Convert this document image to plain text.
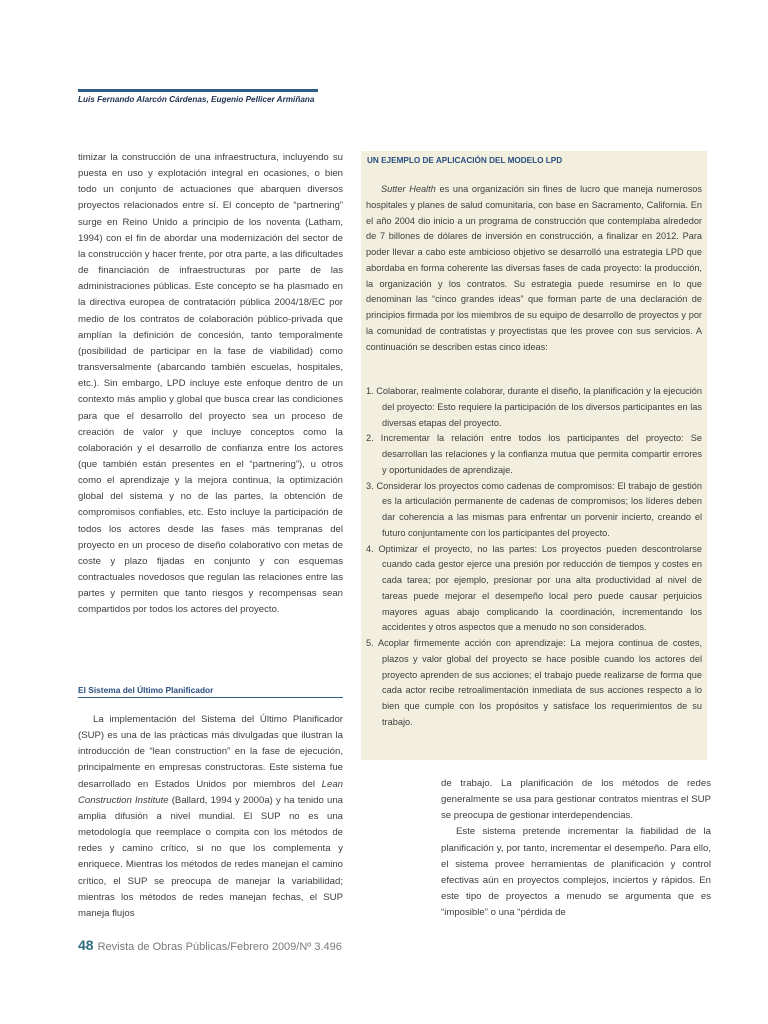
Luis Fernando Alarcón Cárdenas, Eugenio Pellicer Armiñana

timizar la construcción de una infraestructura, incluyendo su puesta en uso y explotación integral en ocasiones, o bien todo un conjunto de actuaciones que abarquen diversos proyectos relacionados entre sí. El concepto de “partnering” surge en Reino Unido a principio de los noventa (Latham, 1994) con el fin de abordar una modernización del sector de la construcción y hacer frente, por otra parte, a las dificultades de financiación de infraestructuras por parte de las administraciones públicas. Este concepto se ha plasmado en la directiva europea de contratación pública 2004/18/EC por medio de los contratos de colaboración público-privada que amplían la definición de concesión, tanto temporalmente (posibilidad de participar en la fase de viabilidad) como transversalmente (abarcando también escuelas, hospitales, etc.). Sin embargo, LPD incluye este enfoque dentro de un contexto más amplio y global que busca crear las condiciones para que el desarrollo del proyecto sea un proceso de creación de valor y que incluye conceptos como la colaboración y el desarrollo de confianza entre los actores (que también están presentes en el “partnering”), u otros como el aprendizaje y la mejora continua, la optimización global del sistema y no de las partes, la obtención de compromisos confiables, etc. Esto incluye la participación de todos los actores desde las fases más tempranas del proyecto en un proceso de diseño colaborativo con metas de coste y plazo fijadas en conjunto y con esquemas contractuales novedosos que regulan las relaciones entre las partes y permiten que tanto riesgos y recompensas sean compartidos por todos los actores del proyecto.

El Sistema del Último Planificador

La implementación del Sistema del Último Planificador (SUP) es una de las prácticas más divulgadas que ilustran la introducción de “lean construction” en la fase de ejecución, principalmente en empresas constructoras. Este sistema fue desarrollado en Estados Unidos por miembros del Lean Construction Institute (Ballard, 1994 y 2000a) y ha tenido una amplia difusión a nivel mundial. El SUP no es una metodología que reemplace o compita con los métodos de redes y camino crítico, si no que los complementa y enriquece. Mientras los métodos de redes manejan el camino crítico, el SUP se preocupa de manejar la variabilidad; mientras los métodos de redes manejan fechas, el SUP maneja flujos

UN EJEMPLO DE APLICACIÓN DEL MODELO LPD

Sutter Health es una organización sin fines de lucro que maneja numerosos hospitales y planes de salud comunitaria, con base en Sacramento, California. En el año 2004 dio inicio a un programa de construcción que contemplaba alrededor de 7 billones de dólares de inversión en construcción, a finalizar en 2012. Para poder llevar a cabo este ambicioso objetivo se desarrolló una estrategia LPD que abordaba en forma coherente las diversas fases de cada proyecto: la producción, la organización y los contratos. Su estrategia puede resumirse en lo que denominan las “cinco grandes ideas” que forman parte de una declaración de principios firmada por los miembros de su equipo de desarrollo de proyectos y por la comunidad de contratistas y proyectistas que les provee con sus servicios. A continuación se describen estas cinco ideas:

1. Colaborar, realmente colaborar, durante el diseño, la planificación y la ejecución del proyecto: Esto requiere la participación de los diversos participantes en las diversas etapas del proyecto.
2. Incrementar la relación entre todos los participantes del proyecto: Se desarrollan las relaciones y la confianza mutua que permita compartir errores y oportunidades de aprendizaje.
3. Considerar los proyectos como cadenas de compromisos: El trabajo de gestión es la articulación permanente de cadenas de compromisos; los líderes deben dar coherencia a las mismas para enfrentar un porvenir incierto, creando el futuro conjuntamente con los participantes del proyecto.
4. Optimizar el proyecto, no las partes: Los proyectos pueden descontrolarse cuando cada gestor ejerce una presión por reducción de tiempos y costes en cada tarea; por ejemplo, presionar por una alta productividad al nivel de tareas puede mejorar el desempeño local pero puede causar perjuicios mayores aguas abajo complicando la coordinación, incrementando los accidentes y otros aspectos que a menudo no son considerados.
5. Acoplar firmemente acción con aprendizaje: La mejora continua de costes, plazos y valor global del proyecto se hace posible cuando los actores del proyecto aprenden de sus acciones; el trabajo puede realizarse de forma que cada actor recibe retroalimentación inmediata de sus acciones respecto a lo bien que cumple con los propósitos y satisface los requerimientos de su trabajo.

de trabajo. La planificación de los métodos de redes generalmente se usa para gestionar contratos mientras el SUP se preocupa de gestionar interdependencias.

Este sistema pretende incrementar la fiabilidad de la planificación y, por tanto, incrementar el desempeño. Para ello, el sistema provee herramientas de planificación y control efectivas aún en proyectos complejos, inciertos y rápidos. En este tipo de proyectos a menudo se argumenta que es “imposible” o una “pérdida de

48 Revista de Obras Públicas/Febrero 2009/Nº 3.496
